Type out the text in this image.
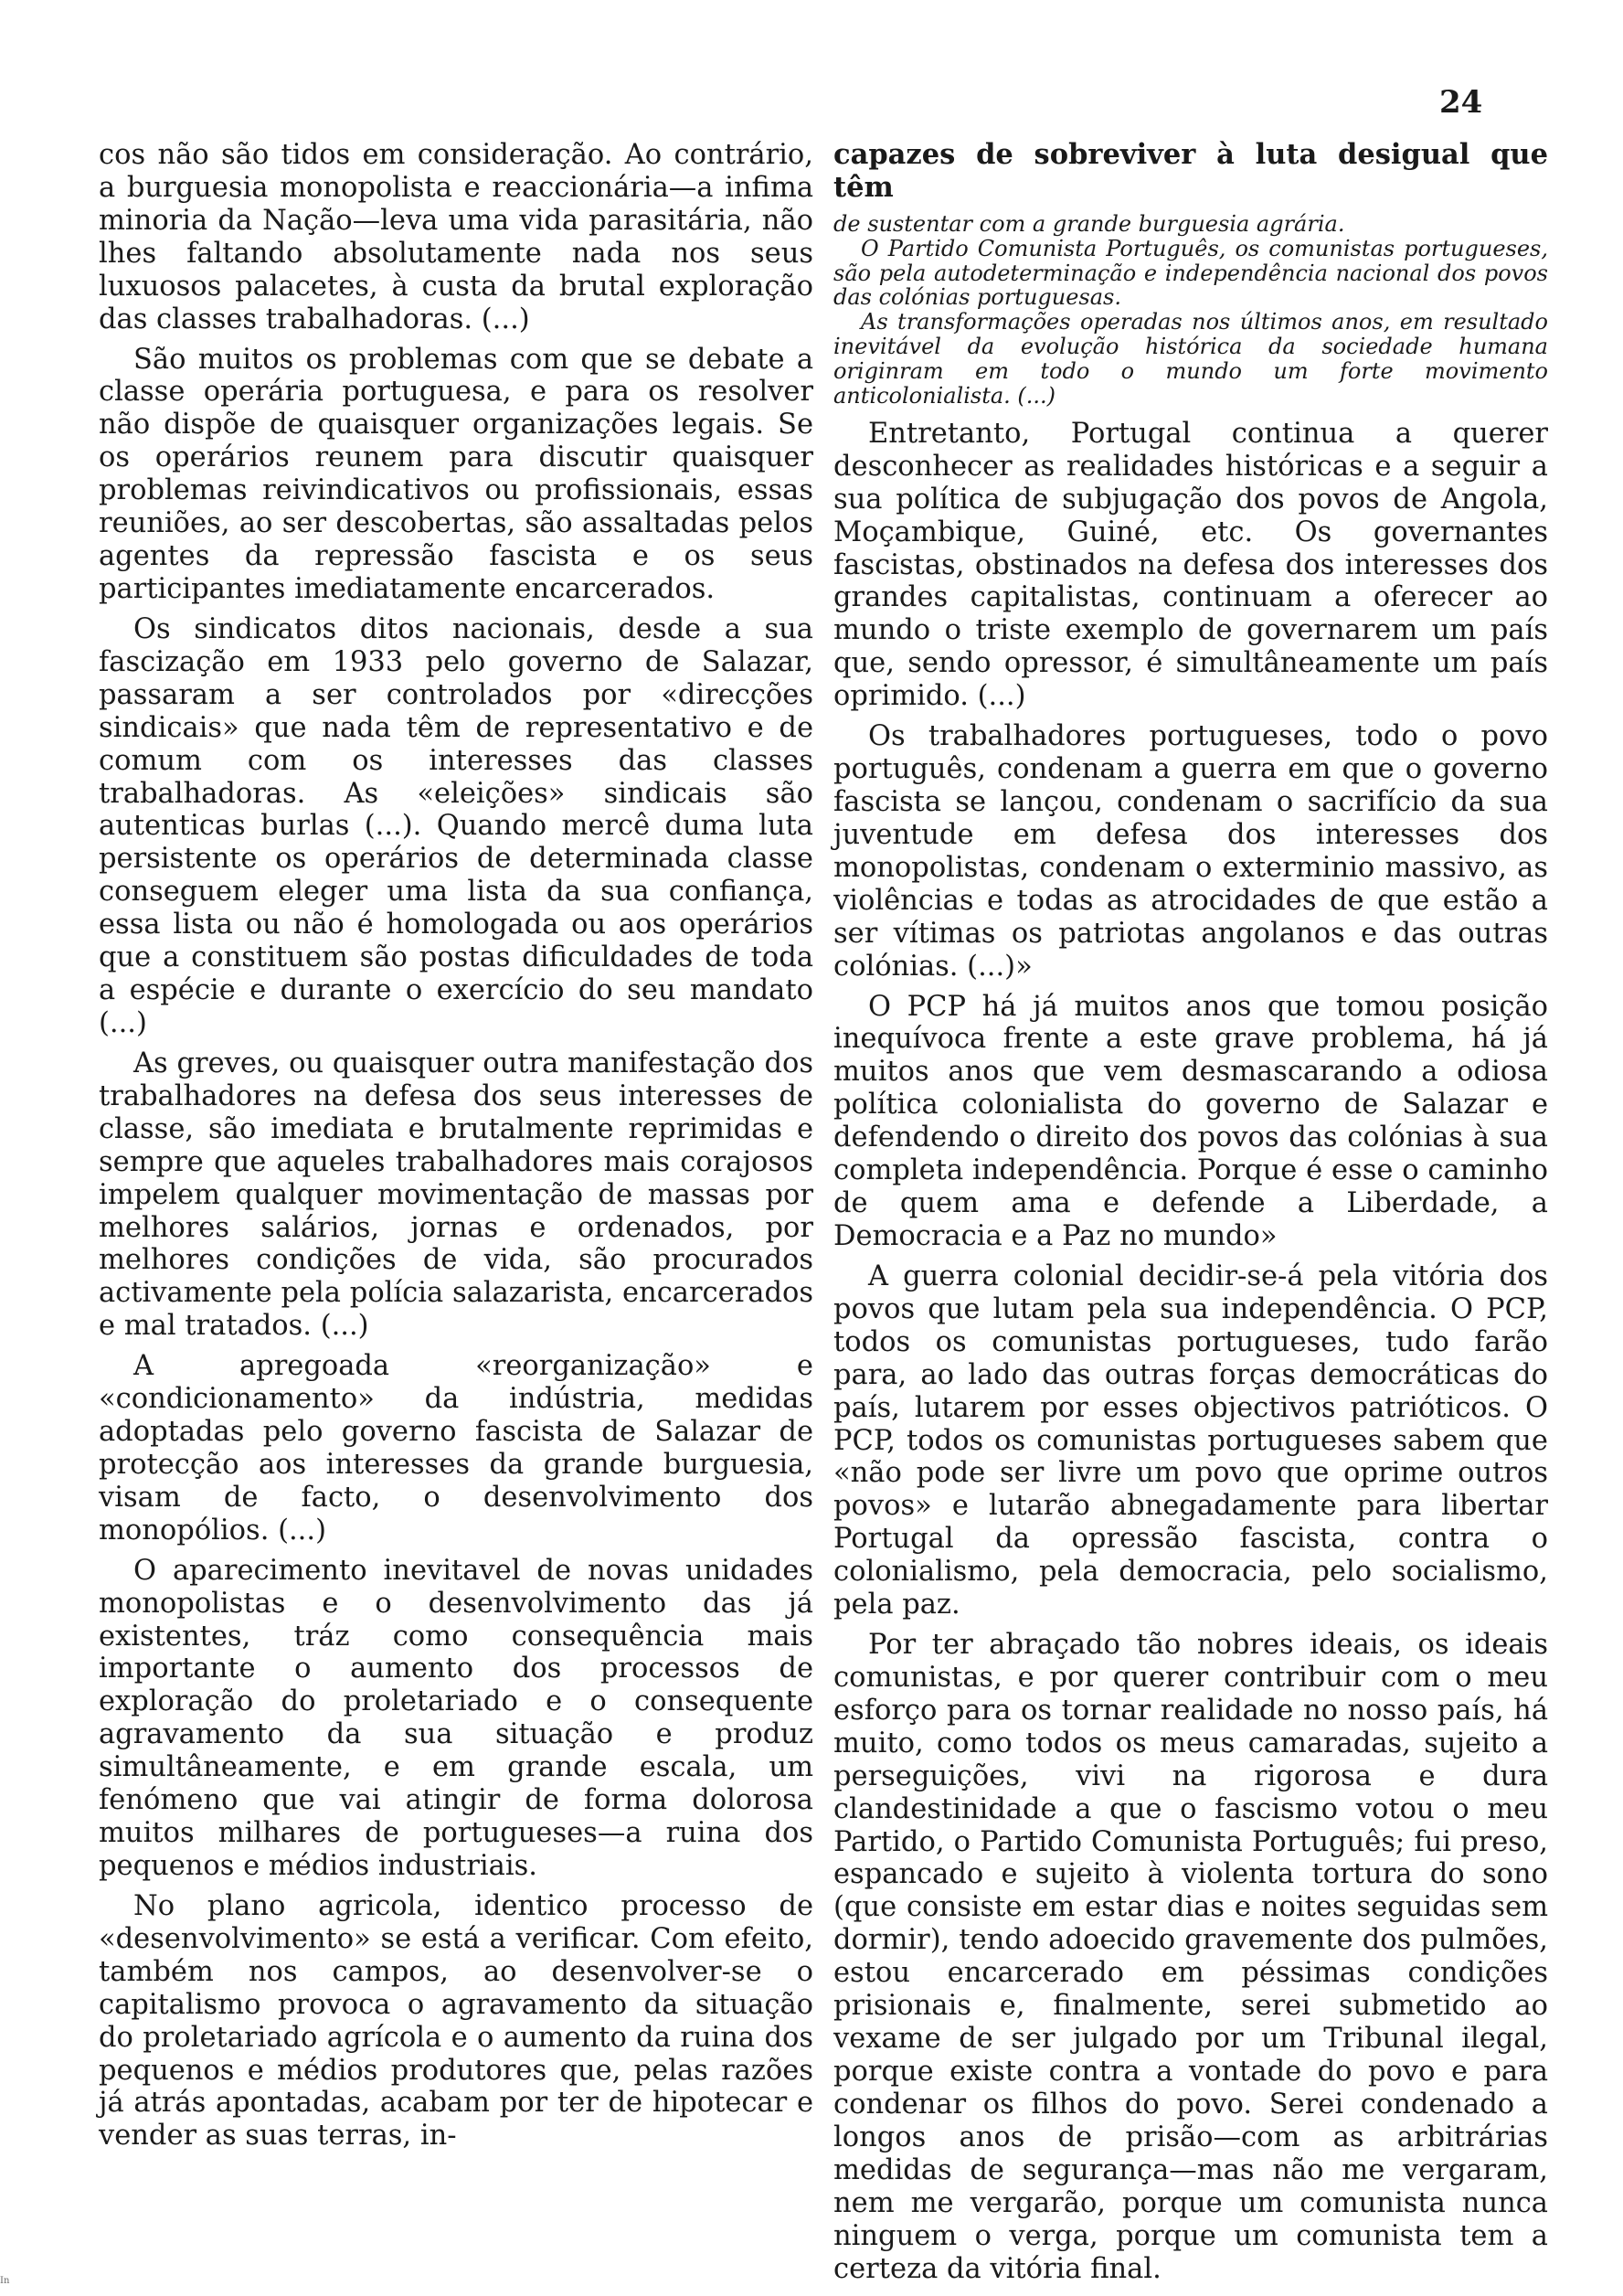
24

cos não são tidos em consideração. Ao contrário, a burguesia monopolista e reaccionária—a infima minoria da Nação—leva uma vida parasitária, não lhes faltando absolutamente nada nos seus luxuosos palacetes, à custa da brutal exploração das classes trabalhadoras. (...)

São muitos os problemas com que se debate a classe operária portuguesa, e para os resolver não dispõe de quaisquer organizações legais. Se os operários reunem para discutir quaisquer problemas reivindicativos ou profissionais, essas reuniões, ao ser descobertas, são assaltadas pelos agentes da repressão fascista e os seus participantes imediatamente encarcerados.

Os sindicatos ditos nacionais, desde a sua fascização em 1933 pelo governo de Salazar, passaram a ser controlados por «direcções sindicais» que nada têm de representativo e de comum com os interesses das classes trabalhadoras. As «eleições» sindicais são autenticas burlas (...). Quando mercê duma luta persistente os operários de determinada classe conseguem eleger uma lista da sua confiança, essa lista ou não é homologada ou aos operários que a constituem são postas dificuldades de toda a espécie e durante o exercício do seu mandato (...)

As greves, ou quaisquer outra manifestação dos trabalhadores na defesa dos seus interesses de classe, são imediata e brutalmente reprimidas e sempre que aqueles trabalhadores mais corajosos impelem qualquer movimentação de massas por melhores salários, jornas e ordenados, por melhores condições de vida, são procurados activamente pela polícia salazarista, encarcerados e mal tratados. (...)

A apregoada «reorganização» e «condicionamento» da indústria, medidas adoptadas pelo governo fascista de Salazar de protecção aos interesses da grande burguesia, visam de facto, o desenvolvimento dos monopólios. (...)

O aparecimento inevitavel de novas unidades monopolistas e o desenvolvimento das já existentes, tráz como consequência mais importante o aumento dos processos de exploração do proletariado e o consequente agravamento da sua situação e produz simultâneamente, e em grande escala, um fenómeno que vai atingir de forma dolorosa muitos milhares de portugueses—a ruina dos pequenos e médios industriais.

No plano agricola, identico processo de «desenvolvimento» se está a verificar. Com efeito, também nos campos, ao desenvolver-se o capitalismo provoca o agravamento da situação do proletariado agrícola e o aumento da ruina dos pequenos e médios produtores que, pelas razões já atrás apontadas, acabam por ter de hipotecar e vender as suas terras, in-

capazes de sobreviver à luta desigual que têm

de sustentar com a grande burguesia agrária.
O Partido Comunista Português, os comunistas portugueses, são pela autodeterminação e independência nacional dos povos das colónias portuguesas.
As transformações operadas nos últimos anos, em resultado inevitável da evolução histórica da sociedade humana originram em todo o mundo um forte movimento anticolonialista. (...)

Entretanto, Portugal continua a querer desconhecer as realidades históricas e a seguir a sua política de subjugação dos povos de Angola, Moçambique, Guiné, etc. Os governantes fascistas, obstinados na defesa dos interesses dos grandes capitalistas, continuam a oferecer ao mundo o triste exemplo de governarem um país que, sendo opressor, é simultâneamente um país oprimido. (...)

Os trabalhadores portugueses, todo o povo português, condenam a guerra em que o governo fascista se lançou, condenam o sacrifício da sua juventude em defesa dos interesses dos monopolistas, condenam o exterminio massivo, as violências e todas as atrocidades de que estão a ser vítimas os patriotas angolanos e das outras colónias. (...)»

O PCP há já muitos anos que tomou posição inequívoca frente a este grave problema, há já muitos anos que vem desmascarando a odiosa política colonialista do governo de Salazar e defendendo o direito dos povos das colónias à sua completa independência. Porque é esse o caminho de quem ama e defende a Liberdade, a Democracia e a Paz no mundo»

A guerra colonial decidir-se-á pela vitória dos povos que lutam pela sua independência. O PCP, todos os comunistas portugueses, tudo farão para, ao lado das outras forças democráticas do país, lutarem por esses objectivos patrióticos. O PCP, todos os comunistas portugueses sabem que «não pode ser livre um povo que oprime outros povos» e lutarão abnegadamente para libertar Portugal da opressão fascista, contra o colonialismo, pela democracia, pelo socialismo, pela paz.

Por ter abraçado tão nobres ideais, os ideais comunistas, e por querer contribuir com o meu esforço para os tornar realidade no nosso país, há muito, como todos os meus camaradas, sujeito a perseguições, vivi na rigorosa e dura clandestinidade a que o fascismo votou o meu Partido, o Partido Comunista Português; fui preso, espancado e sujeito à violenta tortura do sono (que consiste em estar dias e noites seguidas sem dormir), tendo adoecido gravemente dos pulmões, estou encarcerado em péssimas condições prisionais e, finalmente, serei submetido ao vexame de ser julgado por um Tribunal ilegal, porque existe contra a vontade do povo e para condenar os filhos do povo. Serei condenado a longos anos de prisão—com as arbitrárias medidas de segurança—mas não me vergaram, nem me vergarão, porque um comunista nunca ninguem o verga, porque um comunista tem a certeza da vitória final.

In
